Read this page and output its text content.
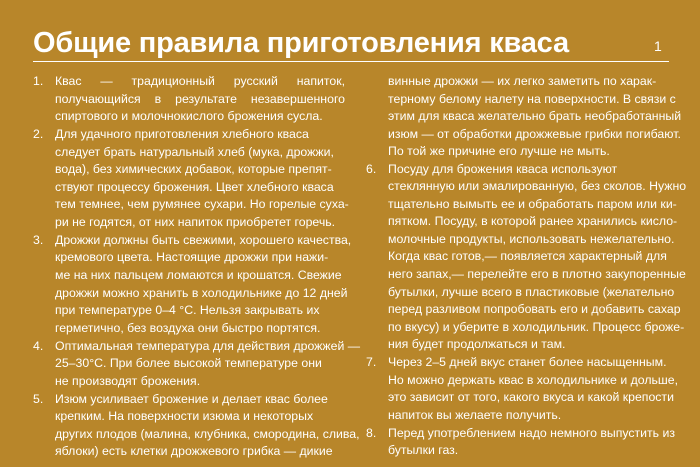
Общие правила приготовления кваса	1
1. Квас — традиционный русский напиток,
получающийся в результате незавершенного
спиртового и молочнокислого брожения сусла.
2. Для удачного приготовления хлебного кваса
следует брать натуральный хлеб (мука, дрожжи,
вода), без химических добавок, которые препят-
ствуют процессу брожения. Цвет хлебного кваса
тем темнее, чем румянее сухари. Но горелые суха-
ри не годятся, от них напиток приобретет горечь.
3. Дрожжи должны быть свежими, хорошего качества,
кремового цвета. Настоящие дрожжи при нажи-
ме на них пальцем ломаются и крошатся. Свежие
дрожжи можно хранить в холодильнике до 12 дней
при температуре 0–4 °С. Нельзя закрывать их
герметично, без воздуха они быстро портятся.
4. Оптимальная температура для действия дрожжей —
25–30°С. При более высокой температуре они
не производят брожения.
5. Изюм усиливает брожение и делает квас более
крепким. На поверхности изюма и некоторых
других плодов (малина, клубника, смородина, слива,
яблоки) есть клетки дрожжевого грибка — дикие
винные дрожжи — их легко заметить по харак-
терному белому налету на поверхности. В связи с
этим для кваса желательно брать необработанный
изюм — от обработки дрожжевые грибки погибают.
По той же причине его лучше не мыть.
6. Посуду для брожения кваса используют
стеклянную или эмалированную, без сколов. Нужно
тщательно вымыть ее и обработать паром или ки-
пятком. Посуду, в которой ранее хранились кисло-
молочные продукты, использовать нежелательно.
Когда квас готов,— появляется характерный для
него запах,— перелейте его в плотно закупоренные
бутылки, лучше всего в пластиковые (желательно
перед разливом попробовать его и добавить сахар
по вкусу) и уберите в холодильник. Процесс броже-
ния будет продолжаться и там.
7. Через 2–5 дней вкус станет более насыщенным.
Но можно держать квас в холодильнике и дольше,
это зависит от того, какого вкуса и какой крепости
напиток вы желаете получить.
8. Перед употреблением надо немного выпустить из
бутылки газ.
